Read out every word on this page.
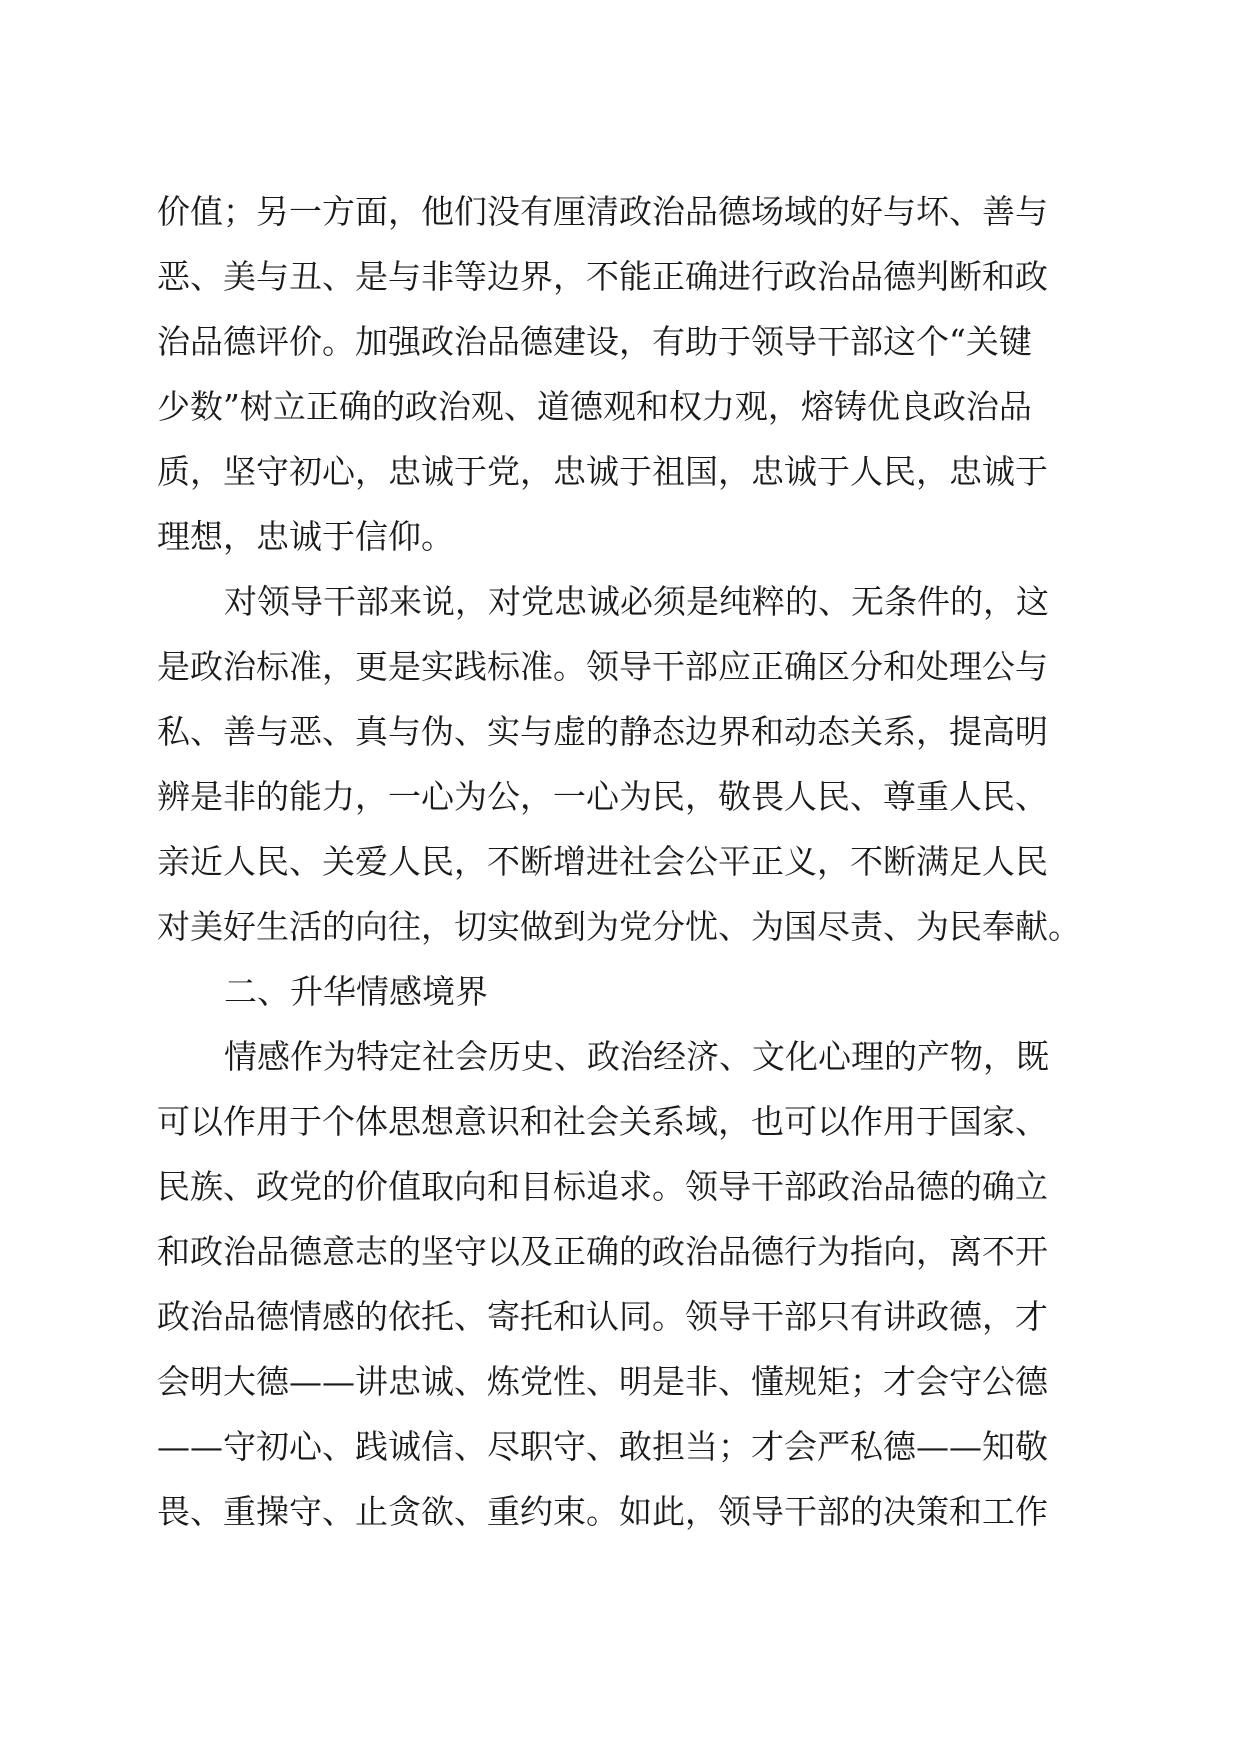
价值；另一方面，他们没有厘清政治品德场域的好与坏、善与
恶、美与丑、是与非等边界，不能正确进行政治品德判断和政
治品德评价。加强政治品德建设，有助于领导干部这个“关键
少数”树立正确的政治观、道德观和权力观，熔铸优良政治品
质，坚守初心，忠诚于党，忠诚于祖国，忠诚于人民，忠诚于
理想，忠诚于信仰。
对领导干部来说，对党忠诚必须是纯粹的、无条件的，这
是政治标准，更是实践标准。领导干部应正确区分和处理公与
私、善与恶、真与伪、实与虚的静态边界和动态关系，提高明
辨是非的能力，一心为公，一心为民，敬畏人民、尊重人民、
亲近人民、关爱人民，不断增进社会公平正义，不断满足人民
对美好生活的向往，切实做到为党分忧、为国尽责、为民奉献。
二、升华情感境界
情感作为特定社会历史、政治经济、文化心理的产物，既
可以作用于个体思想意识和社会关系域，也可以作用于国家、
民族、政党的价值取向和目标追求。领导干部政治品德的确立
和政治品德意志的坚守以及正确的政治品德行为指向，离不开
政治品德情感的依托、寄托和认同。领导干部只有讲政德，才
会明大德——讲忠诚、炼党性、明是非、懂规矩；才会守公德
——守初心、践诚信、尽职守、敢担当；才会严私德——知敬
畏、重操守、止贪欲、重约束。如此，领导干部的决策和工作
